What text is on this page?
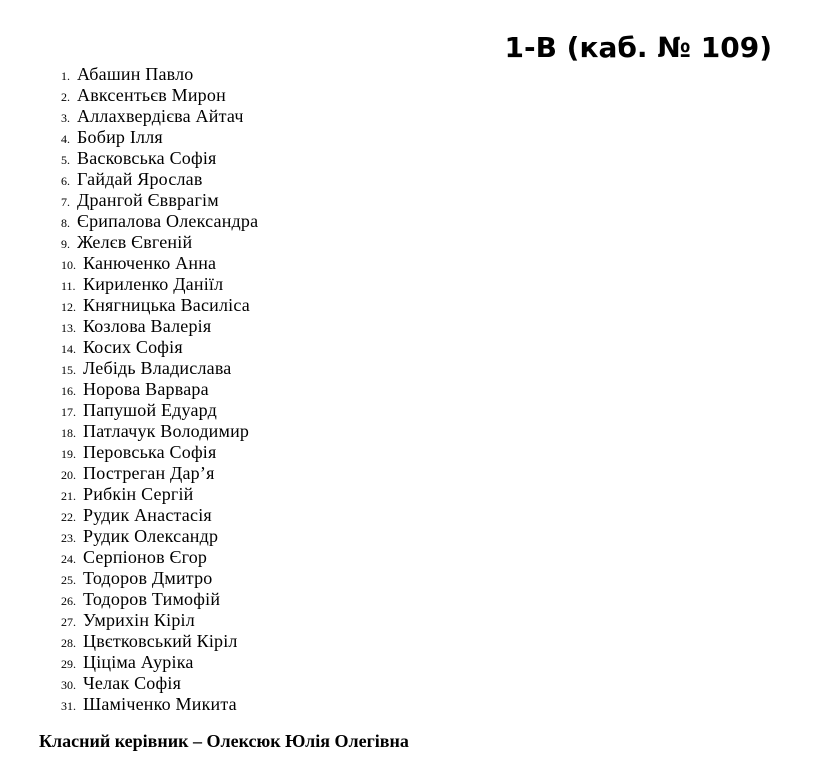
1-В (каб. № 109)
1. Абашин Павло
2. Авксентьєв Мирон
3. Аллахвердієва Айтач
4. Бобир Ілля
5. Васковська Софія
6. Гайдай Ярослав
7. Дрангой Євврагім
8. Єрипалова Олександра
9. Желєв Євгеній
10. Канюченко Анна
11. Кириленко Даніїл
12. Княгницька Василіса
13. Козлова Валерія
14. Косих Софія
15. Лебідь Владислава
16. Норова Варвара
17. Папушой Едуард
18. Патлачук Володимир
19. Перовська Софія
20. Постреган Дар’я
21. Рибкін Сергій
22. Рудик Анастасія
23. Рудик Олександр
24. Серпіонов Єгор
25. Тодоров Дмитро
26. Тодоров Тимофій
27. Умрихін Кіріл
28. Цвєтковський Кіріл
29. Ціціма Ауріка
30. Челак Софія
31. Шаміченко Микита

Класний керівник – Олексюк Юлія Олегівна
